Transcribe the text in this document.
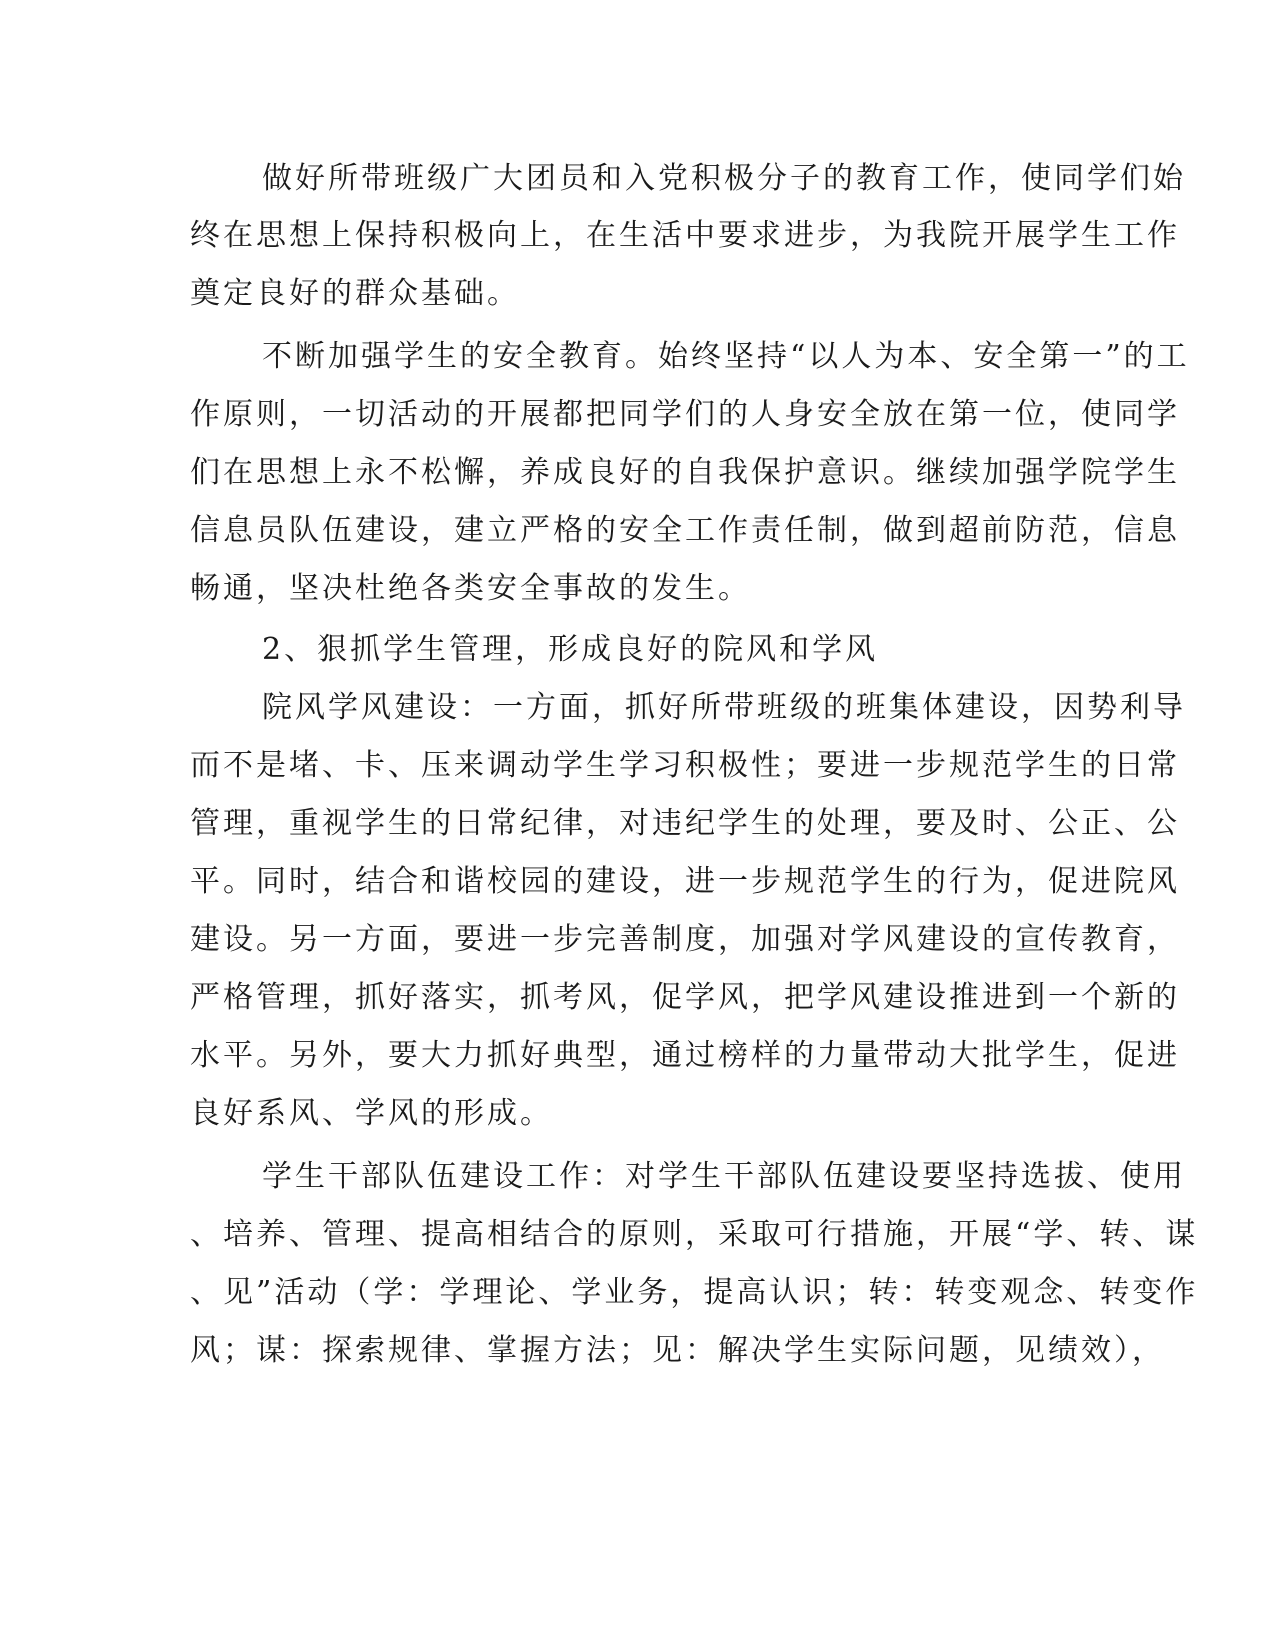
做好所带班级广大团员和入党积极分子的教育工作，使同学们始
终在思想上保持积极向上，在生活中要求进步，为我院开展学生工作
奠定良好的群众基础。
不断加强学生的安全教育。始终坚持“以人为本、安全第一”的工
作原则，一切活动的开展都把同学们的人身安全放在第一位，使同学
们在思想上永不松懈，养成良好的自我保护意识。继续加强学院学生
信息员队伍建设，建立严格的安全工作责任制，做到超前防范，信息
畅通，坚决杜绝各类安全事故的发生。
2、狠抓学生管理，形成良好的院风和学风
院风学风建设：一方面，抓好所带班级的班集体建设，因势利导
而不是堵、卡、压来调动学生学习积极性；要进一步规范学生的日常
管理，重视学生的日常纪律，对违纪学生的处理，要及时、公正、公
平。同时，结合和谐校园的建设，进一步规范学生的行为，促进院风
建设。另一方面，要进一步完善制度，加强对学风建设的宣传教育，
严格管理，抓好落实，抓考风，促学风，把学风建设推进到一个新的
水平。另外，要大力抓好典型，通过榜样的力量带动大批学生，促进
良好系风、学风的形成。
学生干部队伍建设工作：对学生干部队伍建设要坚持选拔、使用
、培养、管理、提高相结合的原则，采取可行措施，开展“学、转、谋
、见”活动（学：学理论、学业务，提高认识；转：转变观念、转变作
风；谋：探索规律、掌握方法；见：解决学生实际问题，见绩效），
